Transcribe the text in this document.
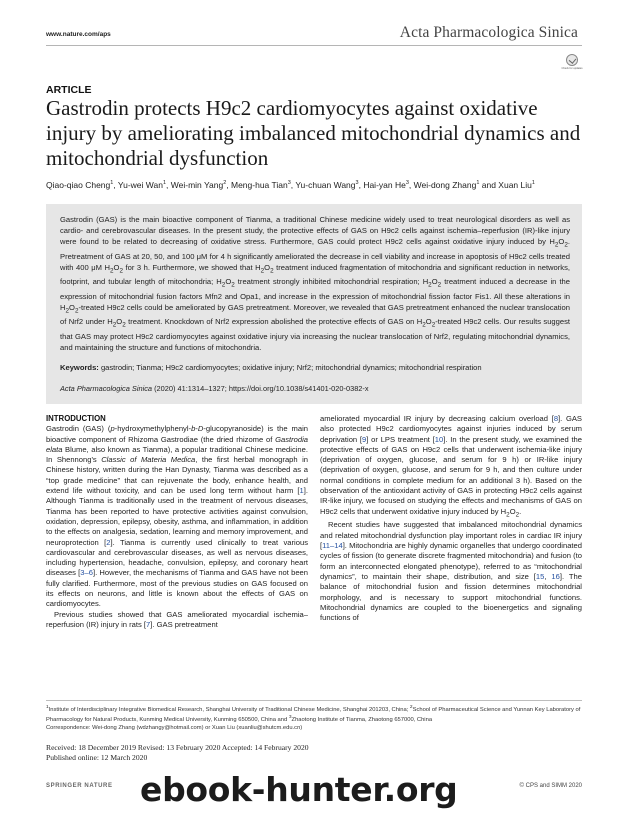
www.nature.com/aps	Acta Pharmacologica Sinica
Check for updates
ARTICLE
Gastrodin protects H9c2 cardiomyocytes against oxidative injury by ameliorating imbalanced mitochondrial dynamics and mitochondrial dysfunction
Qiao-qiao Cheng$^1$, Yu-wei Wan$^1$, Wei-min Yang$^2$, Meng-hua Tian$^3$, Yu-chuan Wang$^3$, Hai-yan He$^3$, Wei-dong Zhang$^1$ and Xuan Liu$^1$
Gastrodin (GAS) is the main bioactive component of Tianma, a traditional Chinese medicine widely used to treat neurological disorders as well as cardio- and cerebrovascular diseases. In the present study, the protective effects of GAS on H9c2 cells against ischemia–reperfusion (IR)-like injury were found to be related to decreasing of oxidative stress. Furthermore, GAS could protect H9c2 cells against oxidative injury induced by $H_2O_2$. Pretreatment of GAS at 20, 50, and 100 μM for 4 h significantly ameliorated the decrease in cell viability and increase in apoptosis of H9c2 cells treated with 400 μM $H_2O_2$ for 3 h. Furthermore, we showed that $H_2O_2$ treatment induced fragmentation of mitochondria and significant reduction in networks, footprint, and tubular length of mitochondria; $H_2O_2$ treatment strongly inhibited mitochondrial respiration; $H_2O_2$ treatment induced a decrease in the expression of mitochondrial fusion factors Mfn2 and Opa1, and increase in the expression of mitochondrial fission factor Fis1. All these alterations in $H_2O_2$-treated H9c2 cells could be ameliorated by GAS pretreatment. Moreover, we revealed that GAS pretreatment enhanced the nuclear translocation of Nrf2 under $H_2O_2$ treatment. Knockdown of Nrf2 expression abolished the protective effects of GAS on $H_2O_2$-treated H9c2 cells. Our results suggest that GAS may protect H9c2 cardiomyocytes against oxidative injury via increasing the nuclear translocation of Nrf2, regulating mitochondrial dynamics, and maintaining the structure and functions of mitochondria.
Keywords: gastrodin; Tianma; H9c2 cardiomyocytes; oxidative injury; Nrf2; mitochondrial dynamics; mitochondrial respiration
Acta Pharmacologica Sinica (2020) 41:1314–1327; https://doi.org/10.1038/s41401-020-0382-x
INTRODUCTION

Gastrodin (GAS) (p-hydroxymethylphenyl-b-D-glucopyranoside) is the main bioactive component of Rhizoma Gastrodiae (the dried rhizome of Gastrodia elata Blume, also known as Tianma), a popular traditional Chinese medicine. In Shennong's Classic of Materia Medica, the first herbal monograph in Chinese history, written during the Han Dynasty, Tianma was described as a “top grade medicine” that can rejuvenate the body, enhance health, and extend life without toxicity, and can be used long term without harm [1]. Although Tianma is traditionally used in the treatment of nervous diseases, Tianma has been reported to have protective activities against convulsion, oxidation, depression, epilepsy, obesity, asthma, and inflammation, in addition to the effects on analgesia, sedation, learning and memory improvement, and neuroprotection [2]. Tianma is currently used clinically to treat various cardiovascular and cerebrovascular diseases, as well as nervous diseases, including hypertension, headache, convulsion, epilepsy, and coronary heart diseases [3–6]. However, the mechanisms of Tianma and GAS have not been fully clarified. Furthermore, most of the previous studies on GAS focused on its effects on neurons, and little is known about the effects of GAS on cardiomyocytes.

Previous studies showed that GAS ameliorated myocardial ischemia–reperfusion (IR) injury in rats [7]. GAS pretreatment

ameliorated myocardial IR injury by decreasing calcium overload [8]. GAS also protected H9c2 cardiomyocytes against injuries induced by serum deprivation [9] or LPS treatment [10]. In the present study, we examined the protective effects of GAS on H9c2 cells that underwent ischemia-like injury (deprivation of oxygen, glucose, and serum for 9 h) or IR-like injury (deprivation of oxygen, glucose, and serum for 9 h, and then culture under normal conditions in complete medium for an additional 3 h). Based on the observation of the antioxidant activity of GAS in protecting H9c2 cells against IR-like injury, we focused on studying the effects and mechanisms of GAS on H9c2 cells that underwent oxidative injury induced by $H_2O_2$.

Recent studies have suggested that imbalanced mitochondrial dynamics and related mitochondrial dysfunction play important roles in cardiac IR injury [11–14]. Mitochondria are highly dynamic organelles that undergo coordinated cycles of fission (to generate discrete fragmented mitochondria) and fusion (to form an interconnected elongated phenotype), referred to as “mitochondrial dynamics”, to maintain their shape, distribution, and size [15, 16]. The balance of mitochondrial fusion and fission determines mitochondrial morphology, and is necessary to support mitochondrial functions. Mitochondrial dynamics are coupled to the bioenergetics and signaling functions of

$^1$Institute of Interdisciplinary Integrative Biomedical Research, Shanghai University of Traditional Chinese Medicine, Shanghai 201203, China; $^2$School of Pharmaceutical Science and Yunnan Key Laboratory of Pharmacology for Natural Products, Kunming Medical University, Kunming 650500, China and $^3$Zhaotong Institute of Tianma, Zhaotong 657000, China
Correspondence: Wei-dong Zhang (wdzhangy@hotmail.com) or Xuan Liu (xuanliu@shutcm.edu.cn)
Received: 18 December 2019 Revised: 13 February 2020 Accepted: 14 February 2020
Published online: 12 March 2020
SPRINGER NATURE	© CPS and SIMM 2020
ebook-hunter.org
